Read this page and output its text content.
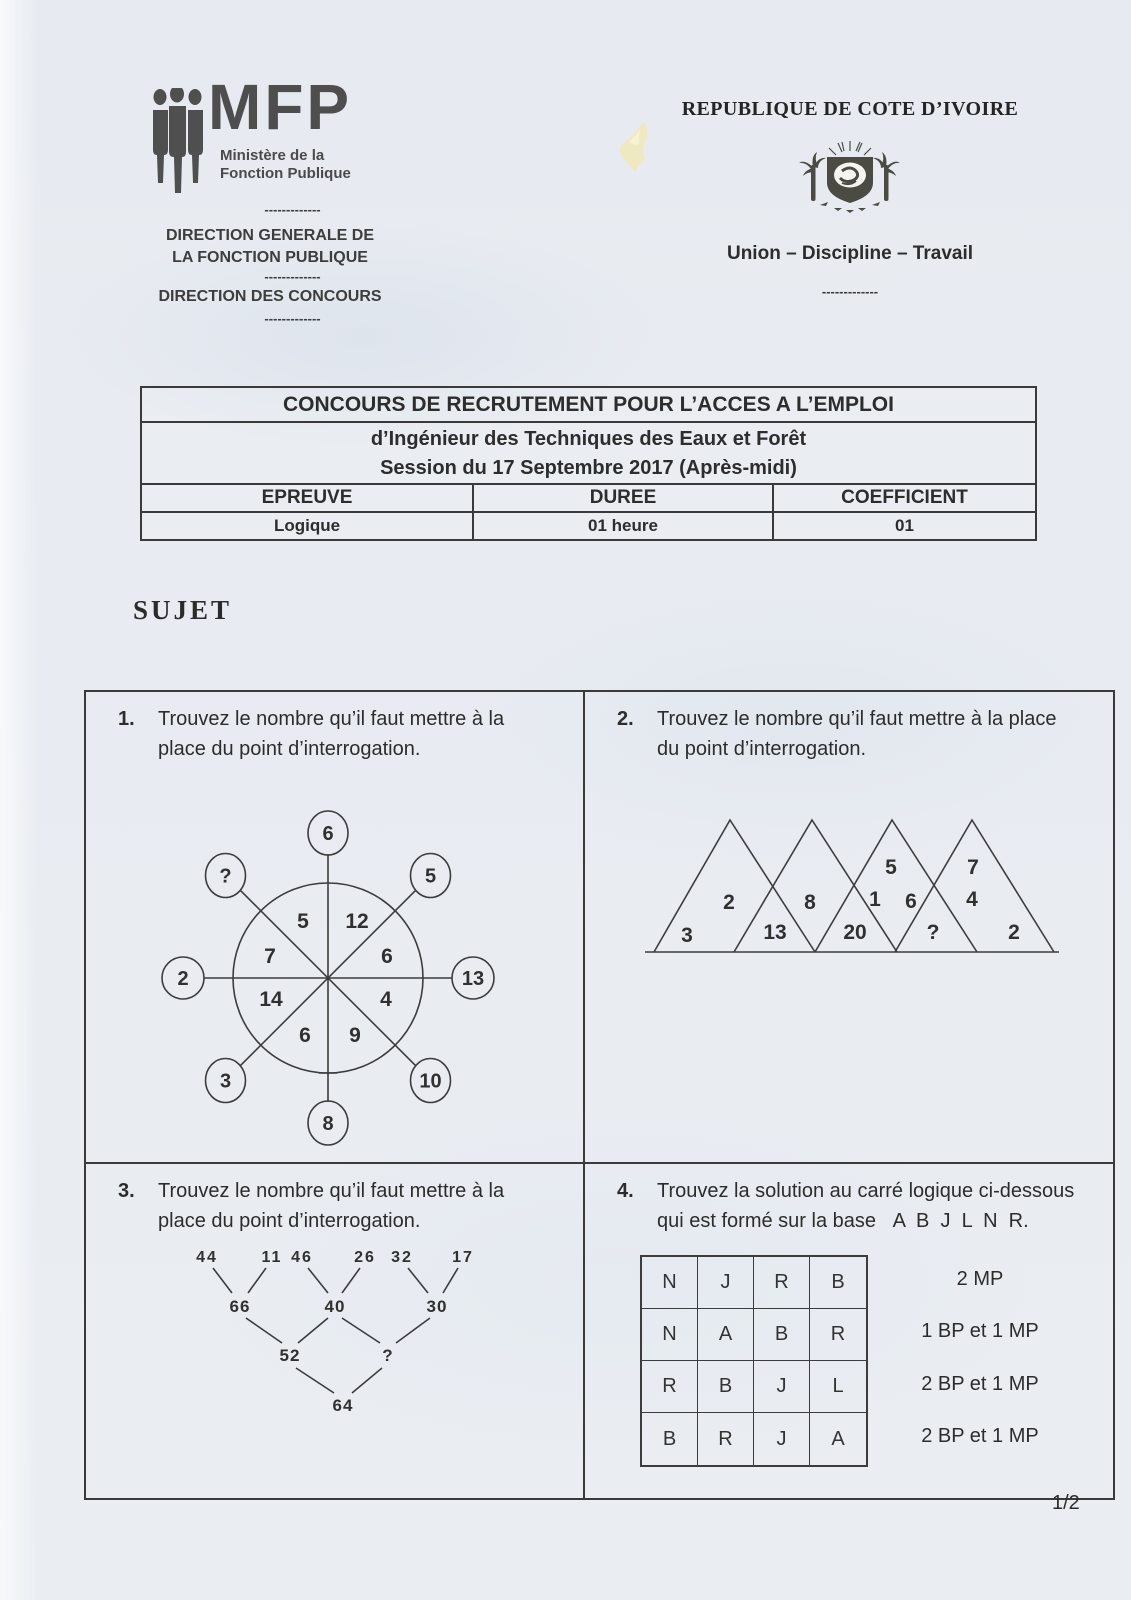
MFP
Ministère de la
Fonction Publique
-------------
DIRECTION GENERALE DE
LA FONCTION PUBLIQUE
-------------
DIRECTION DES CONCOURS
-------------
REPUBLIQUE DE COTE D’IVOIRE
Union – Discipline – Travail
-------------
CONCOURS DE RECRUTEMENT POUR L’ACCES A L’EMPLOI
d’Ingénieur des Techniques des Eaux et Forêt
Session du 17 Septembre 2017 (Après-midi)
EPREUVE	DUREE	COEFFICIENT
Logique	01 heure	01
SUJET
1.	Trouvez le nombre qu’il faut mettre à la
place du point d’interrogation.
6
5
13
10
8
3
2
?
5 12
6
4
9
6
14
7
2.	Trouvez le nombre qu’il faut mettre à la place
du point d’interrogation.
3
2
13
8
20
1
5
6
?
7
4
2
3.	Trouvez le nombre qu’il faut mettre à la
place du point d’interrogation.
44	11 46	26 32 17
66	40	30
52	?
64
4.	Trouvez la solution au carré logique ci-dessous
qui est formé sur la base A  B  J  L  N  R.
N	J	R	B
N	A	B	R
R	B	J	L
B	R	J	A
2 MP
1 BP et 1 MP
2 BP et 1 MP
2 BP et 1 MP
1/2
